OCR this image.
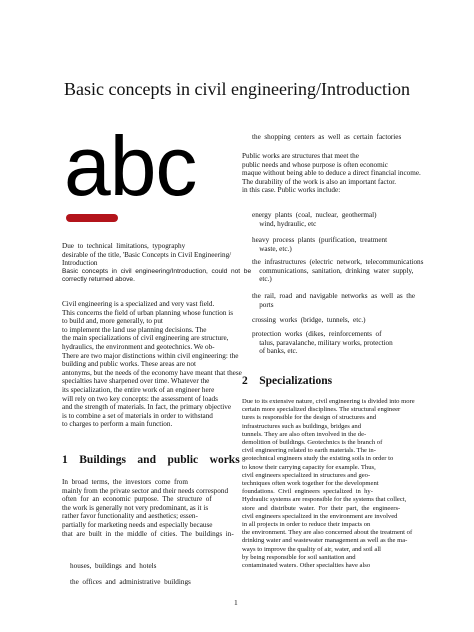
Basic concepts in civil engineering/Introduction
abc

Due  to  technical  limitations,  typography
desirable of the title, 'Basic Concepts in Civil Engineering/
Introduction

Basic  concepts  in  civil  engineering/Introduction,  could  not  be
correctly returned above.

Civil engineering is a specialized and very vast field.
This concerns the field of urban planning whose function is
to build and, more generally, to put
to implement the land use planning decisions. The
the main specializations of civil engineering are structure,
hydraulics, the environment and geotechnics. We ob-
There are two major distinctions within civil engineering: the
building and public works. These areas are not
antonyms, but the needs of the economy have meant that these
specialties have sharpened over time. Whatever the
its specialization, the entire work of an engineer here
will rely on two key concepts: the assessment of loads
and the strength of materials. In fact, the primary objective
is to combine a set of materials in order to withstand
to charges to perform a main function.

1    Buildings    and    public    works

In  broad  terms,  the  investors  come  from
mainly from the private sector and their needs correspond
often  for  an  economic  purpose.  The  structure  of
the work is generally not very predominant, as it is
rather favor functionality and aesthetics; essen-
partially for marketing needs and especially because
that  are  built  in  the  middle  of  cities.  The  buildings  in-

houses,  buildings  and  hotels

the  offices  and  administrative  buildings

the  shopping  centers  as  well  as  certain  factories

Public works are structures that meet the
public needs and whose purpose is often economic
maque without being able to deduce a direct financial income.
The durability of the work is also an important factor.
in this case. Public works include:

energy  plants  (coal,  nuclear,  geothermal)
wind, hydraulic, etc

heavy  process  plants  (purification,  treatment
waste, etc.)

the  infrastructures  (electric  network,  telecommunications
communications,  sanitation,  drinking  water  supply,
etc.)

the  rail,  road  and  navigable  networks  as  well  as  the
ports

crossing  works  (bridge,  tunnels,  etc.)

protection  works  (dikes,  reinforcements  of
talus, paravalanche, military works, protection
of banks, etc.

2    Specializations

Due to its extensive nature, civil engineering is divided into more
certain more specialized disciplines. The structural engineer
tures is responsible for the design of structures and
infrastructures such as buildings, bridges and
tunnels. They are also often involved in the de-
demolition of buildings. Geotechnics is the branch of
civil engineering related to earth materials. The in-
geotechnical engineers study the existing soils in order to
to know their carrying capacity for example. Thus,
civil engineers specialized in structures and geo-
techniques often work together for the development
foundations.  Civil  engineers  specialized  in  hy-
Hydraulic systems are responsible for the systems that collect,
store  and  distribute  water.  For  their  part,  the  engineers-
civil engineers specialized in the environment are involved
in all projects in order to reduce their impacts on
the environment. They are also concerned about the treatment of
drinking water and wastewater management as well as the ma-
ways to improve the quality of air, water, and soil all
by being responsible for soil sanitation and
contaminated waters. Other specialties have also

1
